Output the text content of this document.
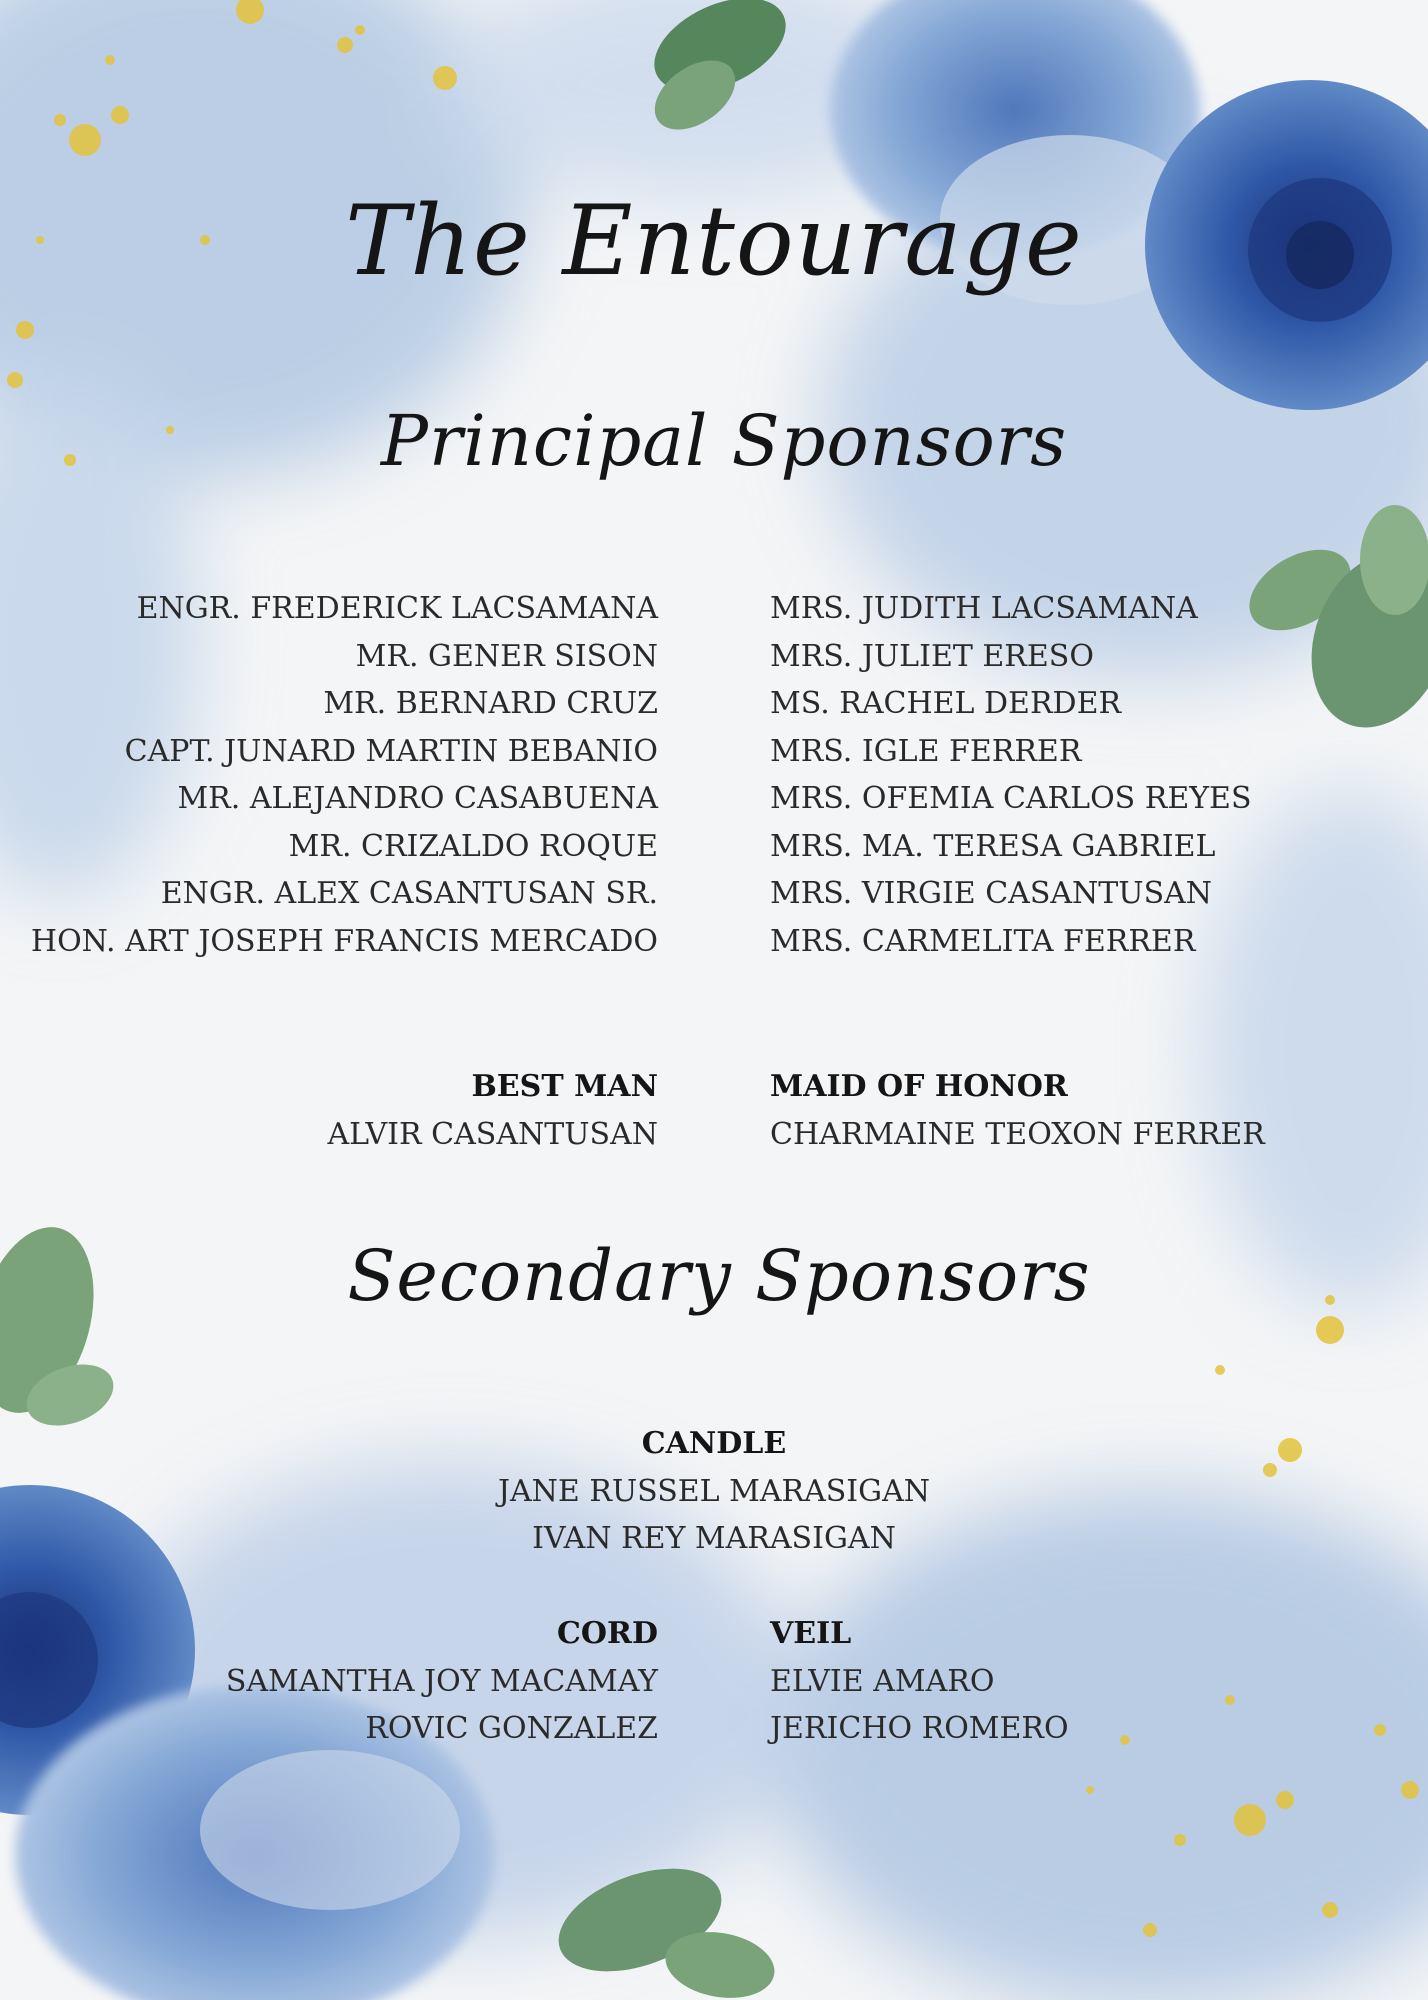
The Entourage
Principal Sponsors
ENGR. FREDERICK LACSAMANA
MR. GENER SISON
MR. BERNARD CRUZ
CAPT. JUNARD MARTIN BEBANIO
MR. ALEJANDRO CASABUENA
MR. CRIZALDO ROQUE
ENGR. ALEX CASANTUSAN SR.
HON. ART JOSEPH FRANCIS MERCADO
MRS. JUDITH LACSAMANA
MRS. JULIET ERESO
MS. RACHEL DERDER
MRS. IGLE FERRER
MRS. OFEMIA CARLOS REYES
MRS. MA. TERESA GABRIEL
MRS. VIRGIE CASANTUSAN
MRS. CARMELITA FERRER
BEST MAN
ALVIR CASANTUSAN
MAID OF HONOR
CHARMAINE TEOXON FERRER
Secondary Sponsors
CANDLE
JANE RUSSEL MARASIGAN
IVAN REY MARASIGAN
CORD
SAMANTHA JOY MACAMAY
ROVIC GONZALEZ
VEIL
ELVIE AMARO
JERICHO ROMERO
